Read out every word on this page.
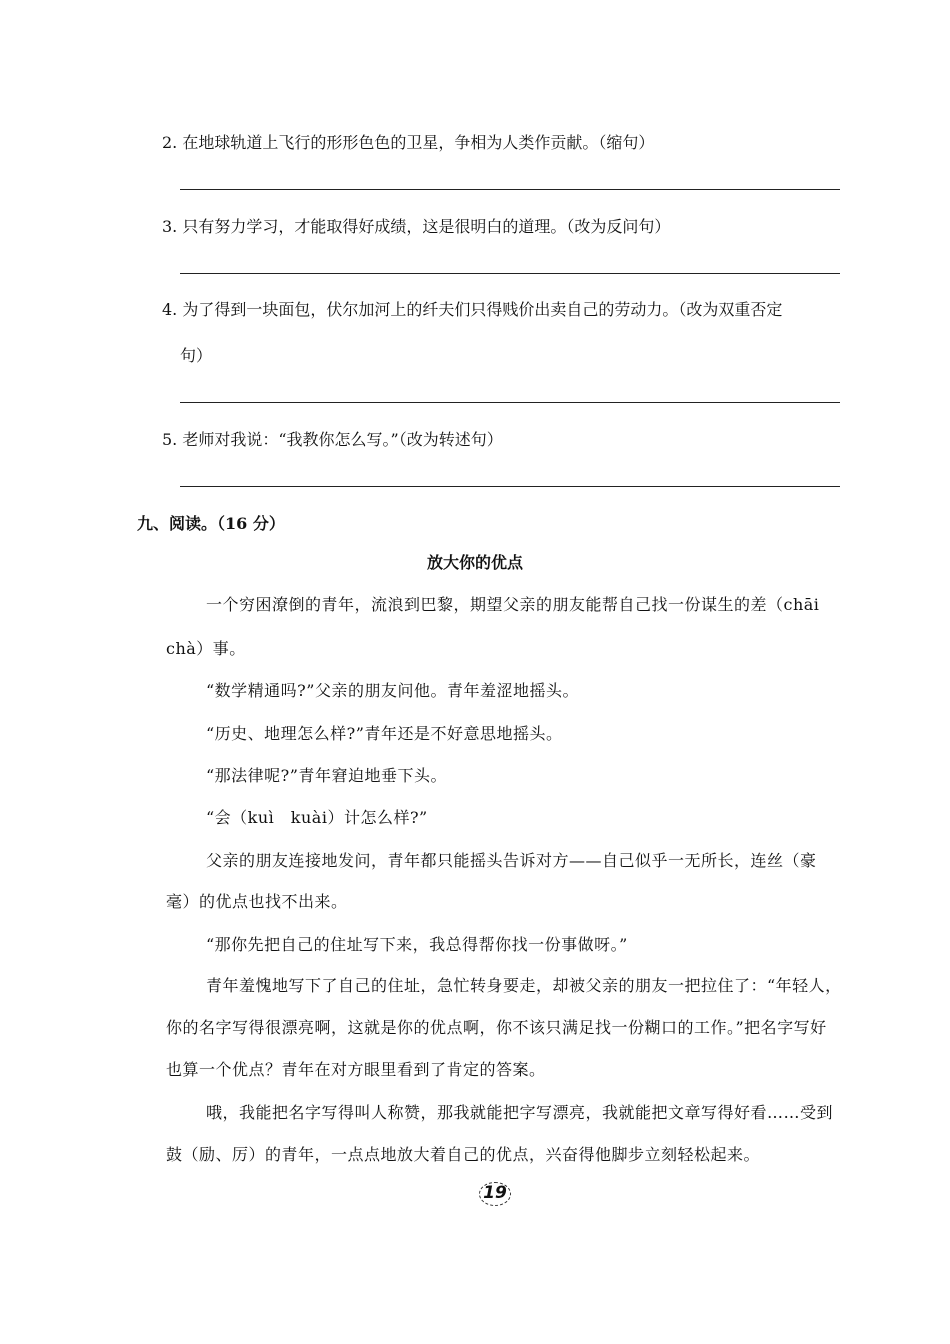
2. 在地球轨道上飞行的形形色色的卫星，争相为人类作贡献。（缩句）
3. 只有努力学习，才能取得好成绩，这是很明白的道理。（改为反问句）
4. 为了得到一块面包，伏尔加河上的纤夫们只得贱价出卖自己的劳动力。（改为双重否定
句）
5. 老师对我说：“我教你怎么写。”（改为转述句）
九、阅读。（16 分）
放大你的优点
一个穷困潦倒的青年，流浪到巴黎，期望父亲的朋友能帮自己找一份谋生的差（chāi
chà）事。
“数学精通吗?”父亲的朋友问他。青年羞涩地摇头。
“历史、地理怎么样?”青年还是不好意思地摇头。
“那法律呢?”青年窘迫地垂下头。
“会（kuì　kuài）计怎么样?”
父亲的朋友连接地发问，青年都只能摇头告诉对方——自己似乎一无所长，连丝（豪
毫）的优点也找不出来。
“那你先把自己的住址写下来，我总得帮你找一份事做呀。”
青年羞愧地写下了自己的住址，急忙转身要走，却被父亲的朋友一把拉住了：“年轻人，
你的名字写得很漂亮啊，这就是你的优点啊，你不该只满足找一份糊口的工作。”把名字写好
也算一个优点？青年在对方眼里看到了肯定的答案。
哦，我能把名字写得叫人称赞，那我就能把字写漂亮，我就能把文章写得好看……受到
鼓（励、厉）的青年，一点点地放大着自己的优点，兴奋得他脚步立刻轻松起来。
19
